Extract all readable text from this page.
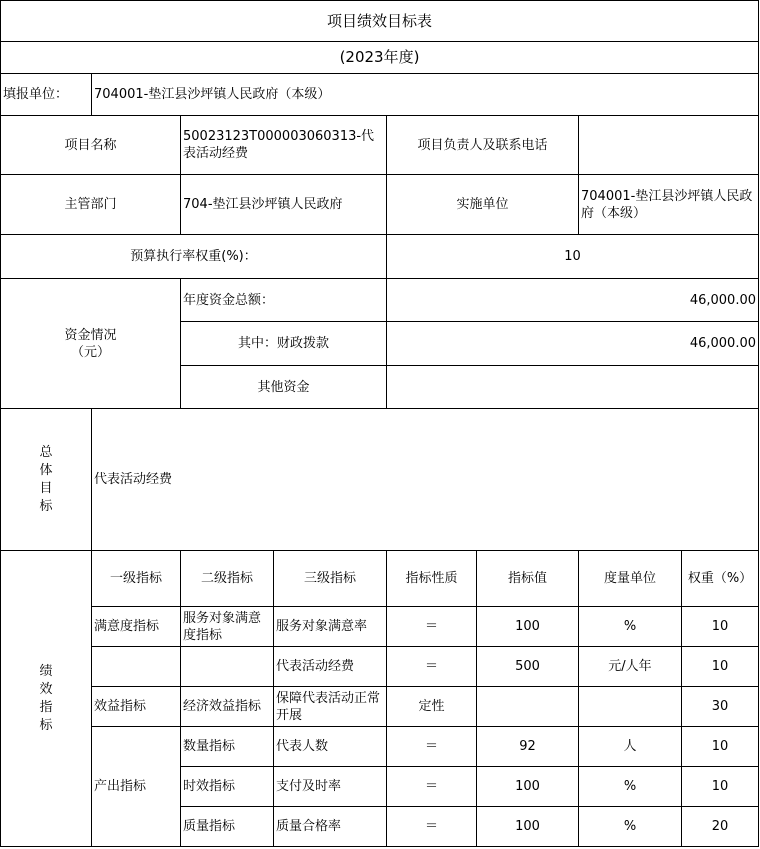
项目绩效目标表							
(2023年度)							
填报单位：	704001-垫江县沙坪镇人民政府（本级）						
项目名称		50023123T000003060313-代表活动经费		项目负责人及联系电话			
主管部门		704-垫江县沙坪镇人民政府		实施单位		704001-垫江县沙坪镇人民政府（本级）	
预算执行率权重(%)：				10			
资金情况（元）		年度资金总额：		46,000.00			
		其中：财政拨款		46,000.00			
		其他资金					
总体目标	代表活动经费						
绩效指标	一级指标	二级指标	三级指标	指标性质	指标值	度量单位	权重（%）
	满意度指标	服务对象满意度指标	服务对象满意率	＝	100	%	10
			代表活动经费	＝	500	元/人年	10
	效益指标	经济效益指标	保障代表活动正常开展	定性			30
	产出指标	数量指标	代表人数	＝	92	人	10
		时效指标	支付及时率	＝	100	%	10
		质量指标	质量合格率	＝	100	%	20
